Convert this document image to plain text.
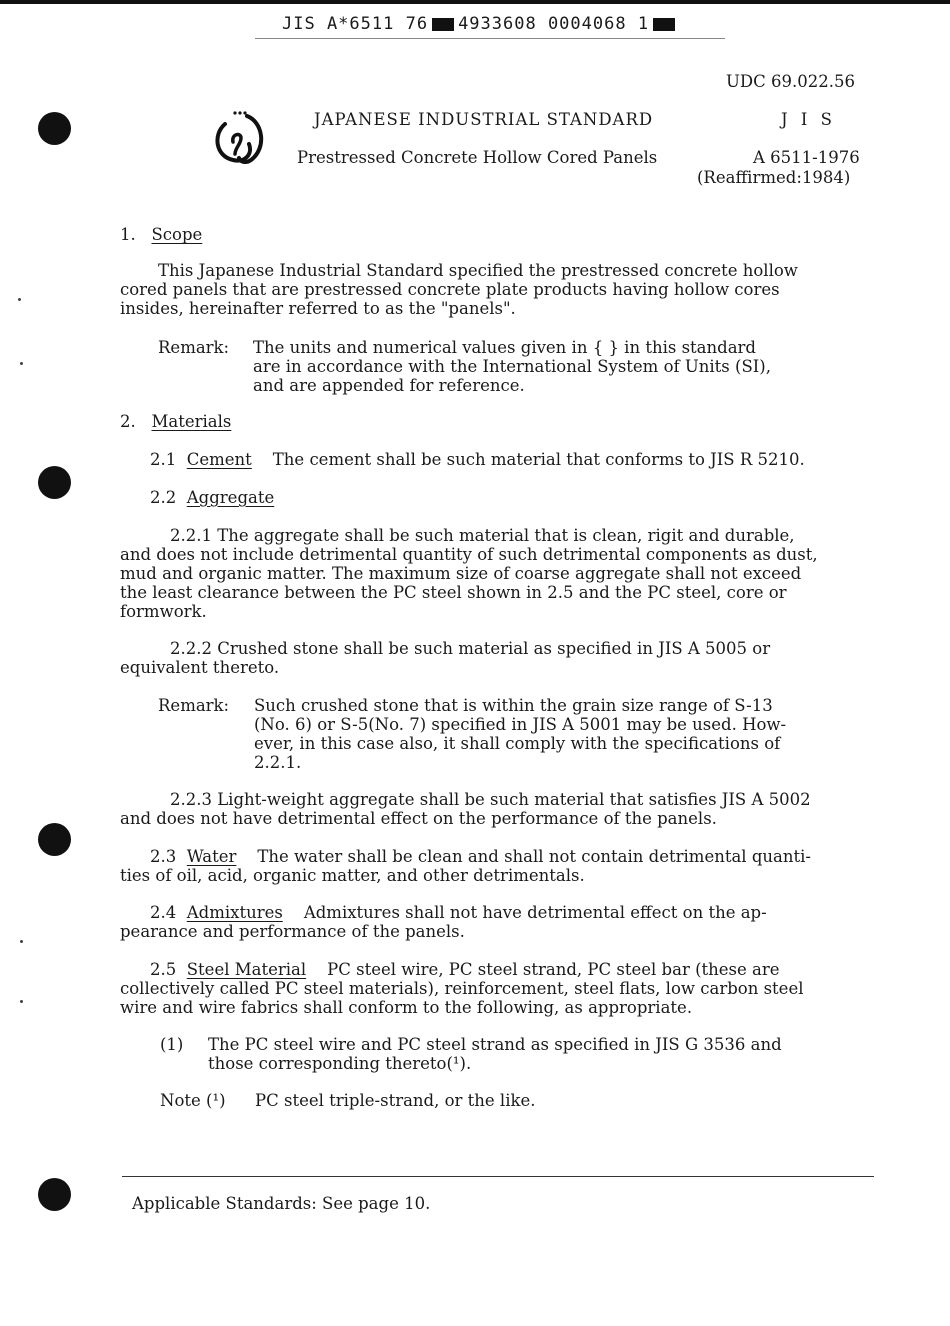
JIS A*6511 76 4933608 0004068 1
UDC 69.022.56
JAPANESE INDUSTRIAL STANDARD	J I S
Prestressed Concrete Hollow Cored Panels	A 6511-1976
(Reaffirmed:1984)
1. Scope
This Japanese Industrial Standard specified the prestressed concrete hollow
cored panels that are prestressed concrete plate products having hollow cores
insides, hereinafter referred to as the "panels".
Remark: The units and numerical values given in { } in this standard
are in accordance with the International System of Units (SI),
and are appended for reference.
2. Materials
2.1 Cement The cement shall be such material that conforms to JIS R 5210.
2.2 Aggregate
2.2.1 The aggregate shall be such material that is clean, rigit and durable,
and does not include detrimental quantity of such detrimental components as dust,
mud and organic matter. The maximum size of coarse aggregate shall not exceed
the least clearance between the PC steel shown in 2.5 and the PC steel, core or
formwork.
2.2.2 Crushed stone shall be such material as specified in JIS A 5005 or
equivalent thereto.
Remark: Such crushed stone that is within the grain size range of S-13
(No. 6) or S-5(No. 7) specified in JIS A 5001 may be used. How-
ever, in this case also, it shall comply with the specifications of
2.2.1.
2.2.3 Light-weight aggregate shall be such material that satisfies JIS A 5002
and does not have detrimental effect on the performance of the panels.
2.3 Water The water shall be clean and shall not contain detrimental quanti-
ties of oil, acid, organic matter, and other detrimentals.
2.4 Admixtures Admixtures shall not have detrimental effect on the ap-
pearance and performance of the panels.
2.5 Steel Material PC steel wire, PC steel strand, PC steel bar (these are
collectively called PC steel materials), reinforcement, steel flats, low carbon steel
wire and wire fabrics shall conform to the following, as appropriate.
(1) The PC steel wire and PC steel strand as specified in JIS G 3536 and
those corresponding thereto(¹).
Note (¹) PC steel triple-strand, or the like.
Applicable Standards: See page 10.
